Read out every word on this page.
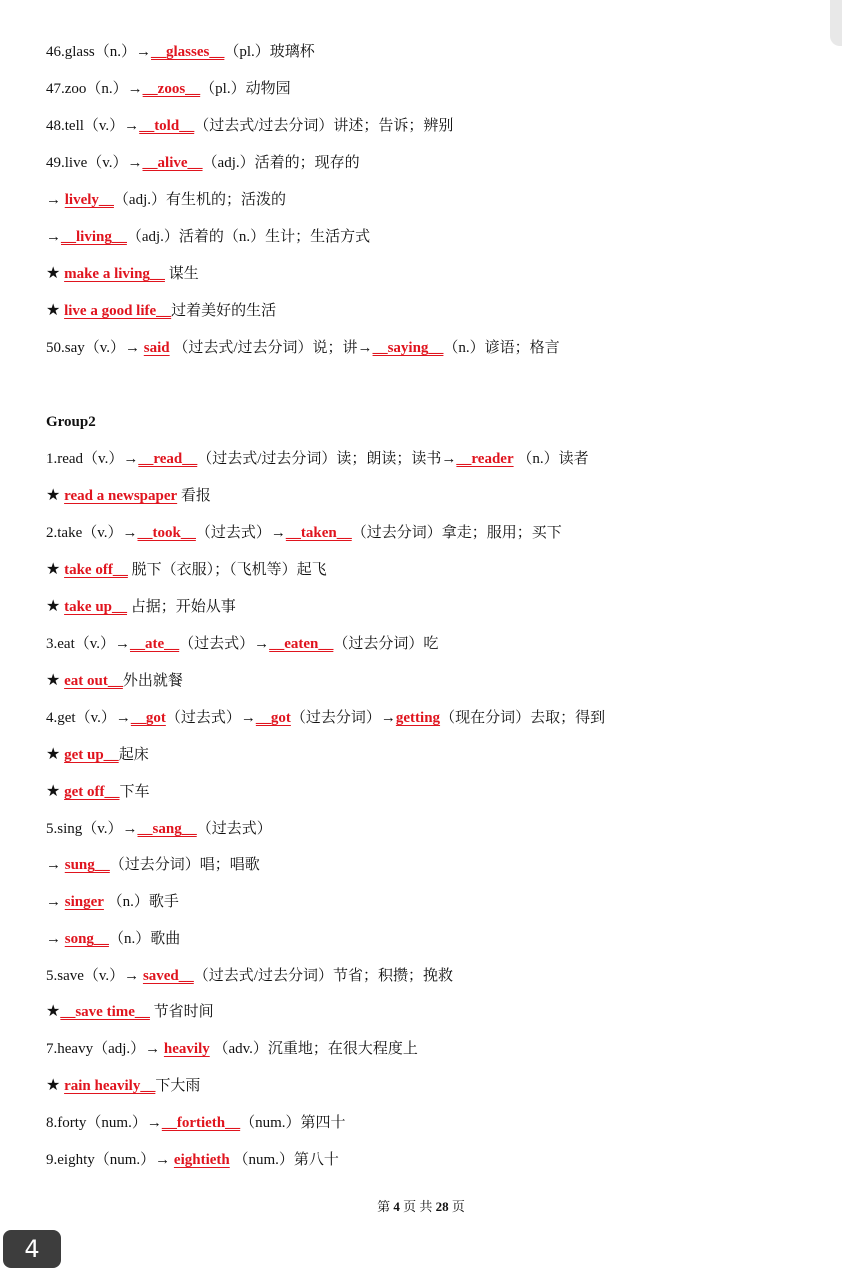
46.glass（n.）→__glasses__（pl.）玻璃杯
47.zoo（n.）→__zoos__（pl.）动物园
48.tell（v.）→__told__（过去式/过去分词）讲述；告诉；辨别
49.live（v.）→__alive__（adj.）活着的；现存的
→ lively__（adj.）有生机的；活泼的
→__living__（adj.）活着的（n.）生计；生活方式
★ make a living__ 谋生
★ live a good life__过着美好的生活
50.say（v.）→ said （过去式/过去分词）说；讲→__saying__（n.）谚语；格言
1.read（v.）→__read__（过去式/过去分词）读；朗读；读书→__reader （n.）读者
★ read a newspaper 看报
2.take（v.）→__took__（过去式）→__taken__（过去分词）拿走；服用；买下
★ take off__ 脱下（衣服）；（飞机等）起飞
★ take up__ 占据；开始从事
3.eat（v.）→__ate__（过去式）→__eaten__（过去分词）吃
★ eat out__外出就餐
4.get（v.）→__got（过去式）→__got（过去分词）→getting（现在分词）去取；得到
★ get up__起床
★ get off__下车
5.sing（v.）→__sang__（过去式）
→ sung__（过去分词）唱；唱歌
→ singer （n.）歌手
→ song__（n.）歌曲
5.save（v.）→ saved__（过去式/过去分词）节省；积攒；挽救
★__save time__ 节省时间
7.heavy（adj.）→ heavily （adv.）沉重地；在很大程度上
★ rain heavily__下大雨
8.forty（num.）→__fortieth__（num.）第四十
9.eighty（num.）→ eightieth （num.）第八十
Group2
第 4 页 共 28 页
4
